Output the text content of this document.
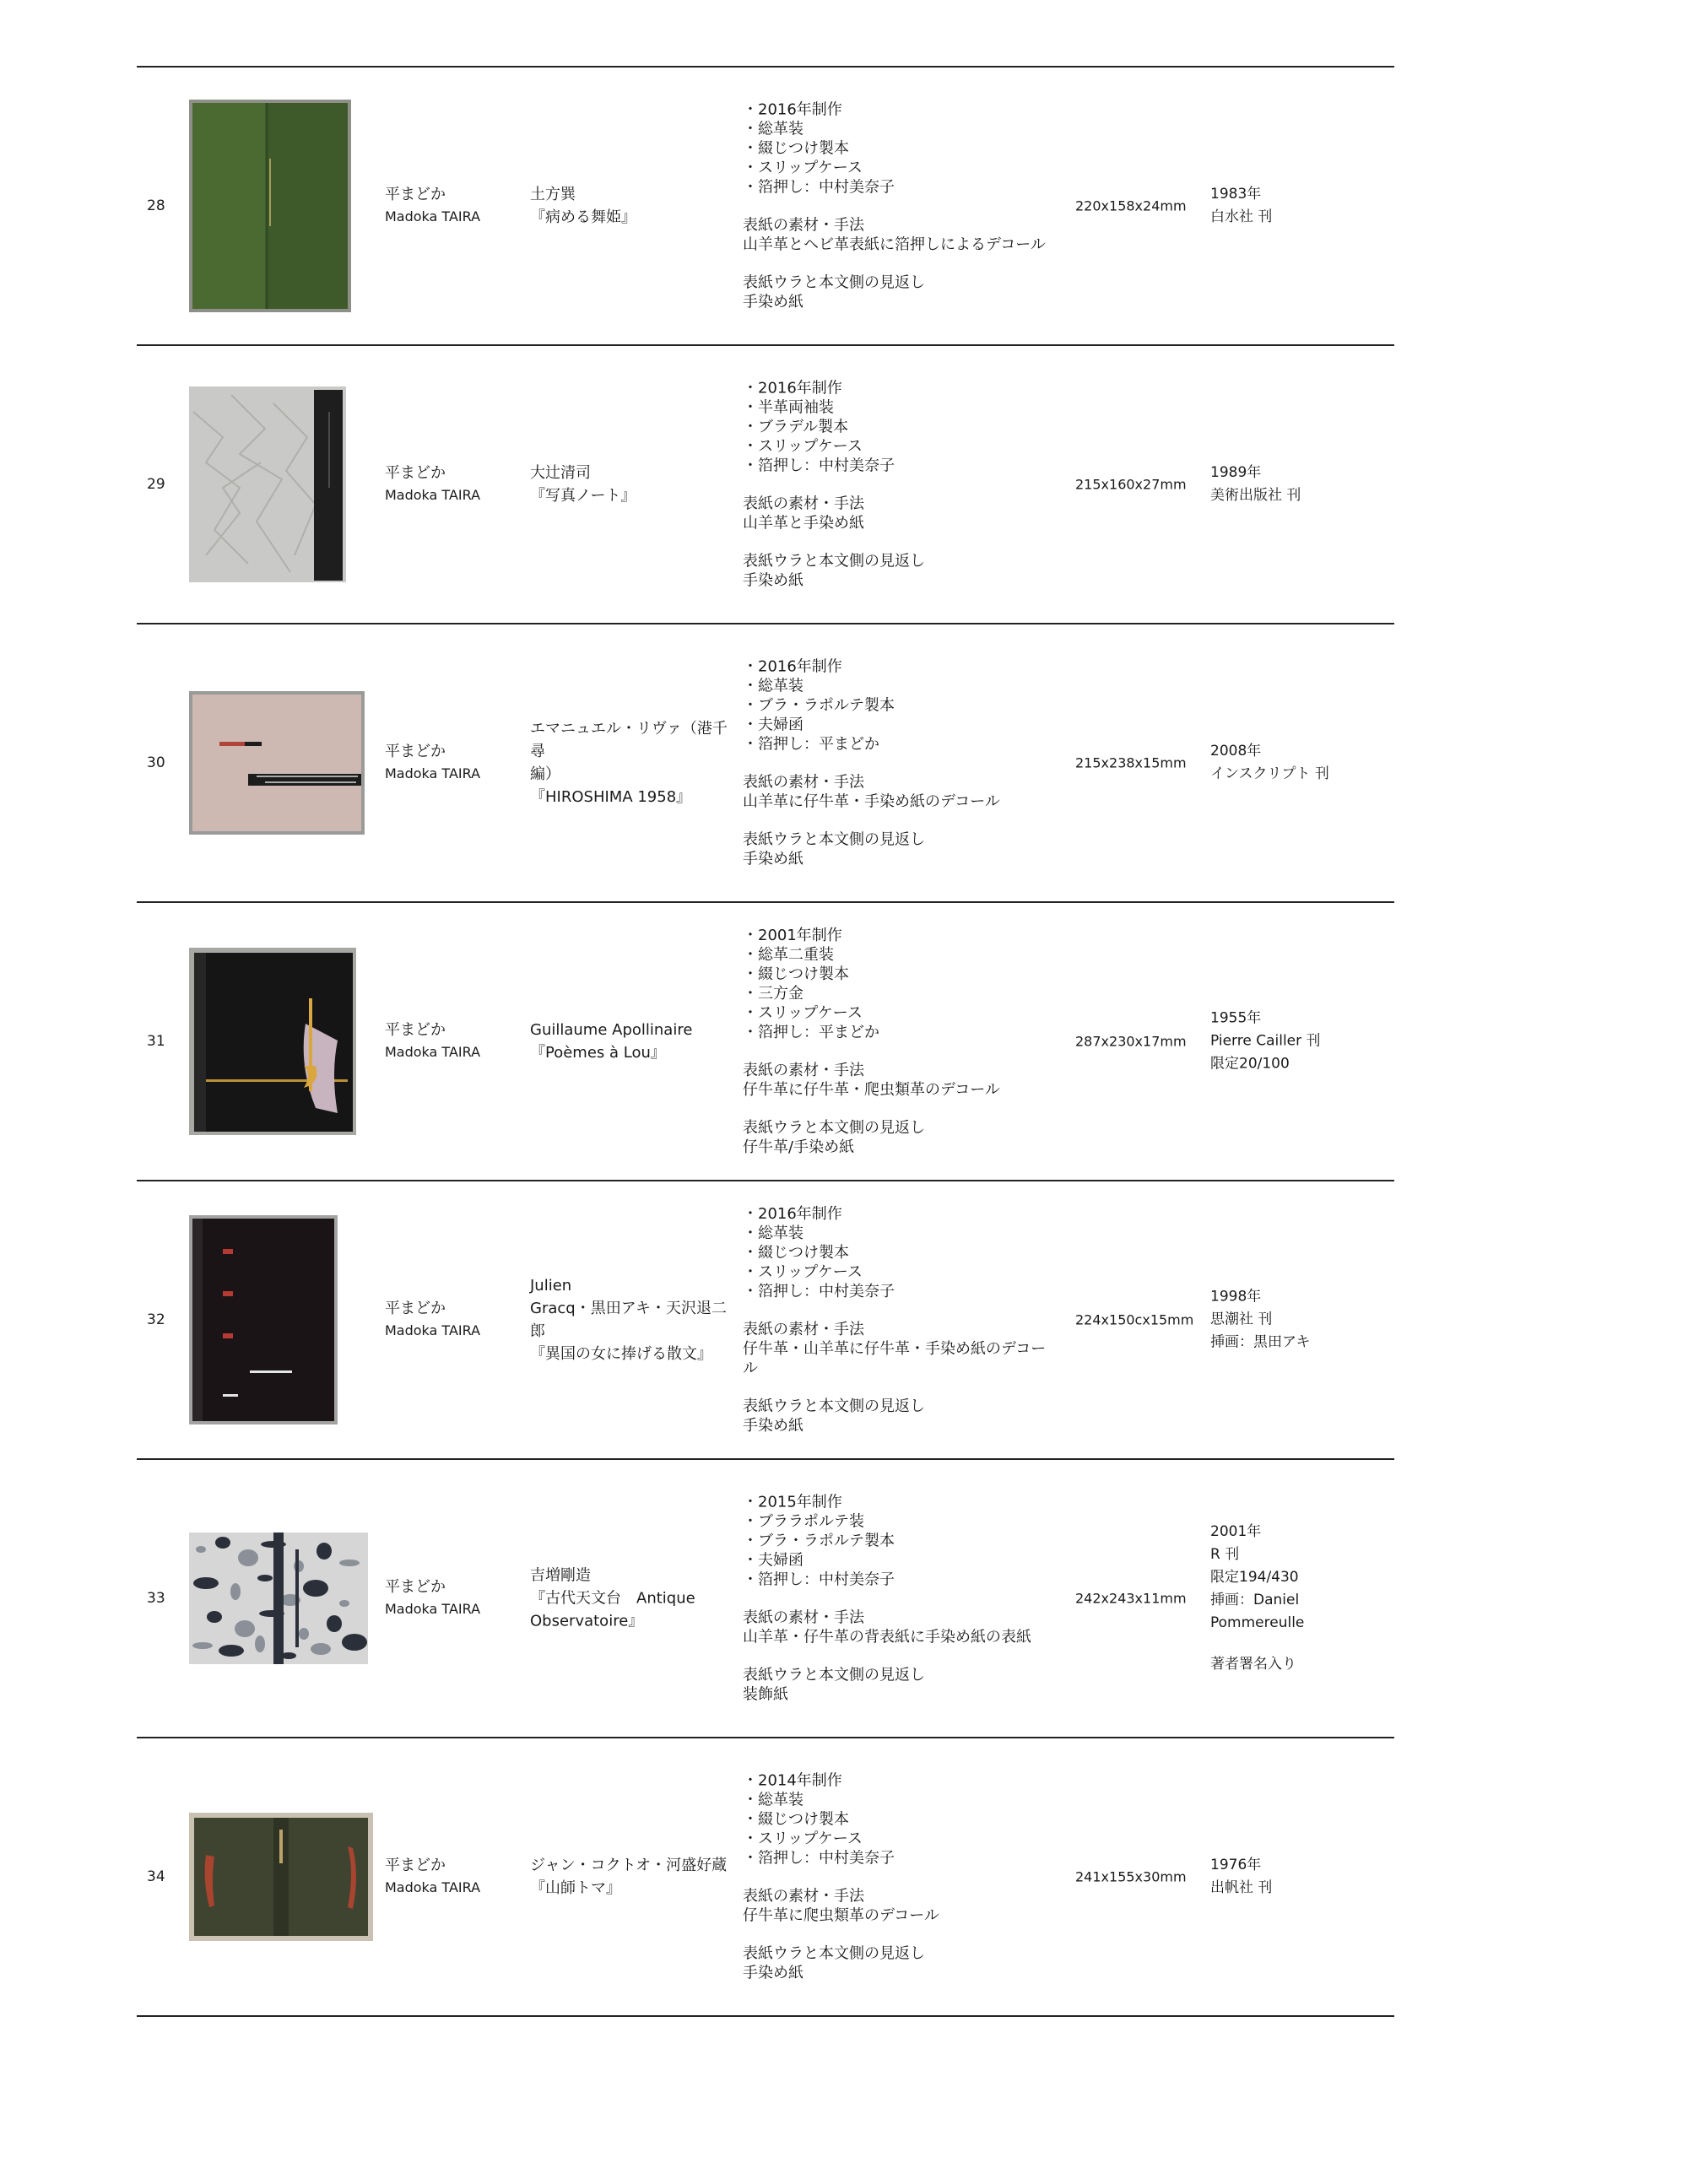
28
平まどか
Madoka TAIRA
土方巽
『病める舞姫』
・2016年制作
・総革装
・綴じつけ製本
・スリップケース
・箔押し：中村美奈子
表紙の素材・手法
山羊革とヘビ革表紙に箔押しによるデコール
表紙ウラと本文側の見返し
手染め紙
220x158x24mm
1983年
白水社 刊
29
平まどか
Madoka TAIRA
大辻清司
『写真ノート』
・2016年制作
・半革両袖装
・ブラデル製本
・スリップケース
・箔押し：中村美奈子
表紙の素材・手法
山羊革と手染め紙
表紙ウラと本文側の見返し
手染め紙
215x160x27mm
1989年
美術出版社 刊
30
平まどか
Madoka TAIRA
エマニュエル・リヴァ（港千尋
編）
『HIROSHIMA 1958』
・2016年制作
・総革装
・ブラ・ラポルテ製本
・夫婦函
・箔押し：平まどか
表紙の素材・手法
山羊革に仔牛革・手染め紙のデコール
表紙ウラと本文側の見返し
手染め紙
215x238x15mm
2008年
インスクリプト 刊
31
平まどか
Madoka TAIRA
Guillaume Apollinaire
『Poèmes à Lou』
・2001年制作
・総革二重装
・綴じつけ製本
・三方金
・スリップケース
・箔押し：平まどか
表紙の素材・手法
仔牛革に仔牛革・爬虫類革のデコール
表紙ウラと本文側の見返し
仔牛革/手染め紙
287x230x17mm
1955年
Pierre Cailler 刊
限定20/100
32
平まどか
Madoka TAIRA
Julien
Gracq・黒田アキ・天沢退二
郎
『異国の女に捧げる散文』
・2016年制作
・総革装
・綴じつけ製本
・スリップケース
・箔押し：中村美奈子
表紙の素材・手法
仔牛革・山羊革に仔牛革・手染め紙のデコー
ル
表紙ウラと本文側の見返し
手染め紙
224x150cx15mm
1998年
思潮社 刊
挿画：黒田アキ
33
平まどか
Madoka TAIRA
吉増剛造
『古代天文台　Antique
Observatoire』
・2015年制作
・ブララポルテ装
・ブラ・ラポルテ製本
・夫婦函
・箔押し：中村美奈子
表紙の素材・手法
山羊革・仔牛革の背表紙に手染め紙の表紙
表紙ウラと本文側の見返し
装飾紙
242x243x11mm
2001年
R 刊
限定194/430
挿画：Daniel
Pommereulle
著者署名入り
34
平まどか
Madoka TAIRA
ジャン・コクトオ・河盛好蔵
『山師トマ』
・2014年制作
・総革装
・綴じつけ製本
・スリップケース
・箔押し：中村美奈子
表紙の素材・手法
仔牛革に爬虫類革のデコール
表紙ウラと本文側の見返し
手染め紙
241x155x30mm
1976年
出帆社 刊
